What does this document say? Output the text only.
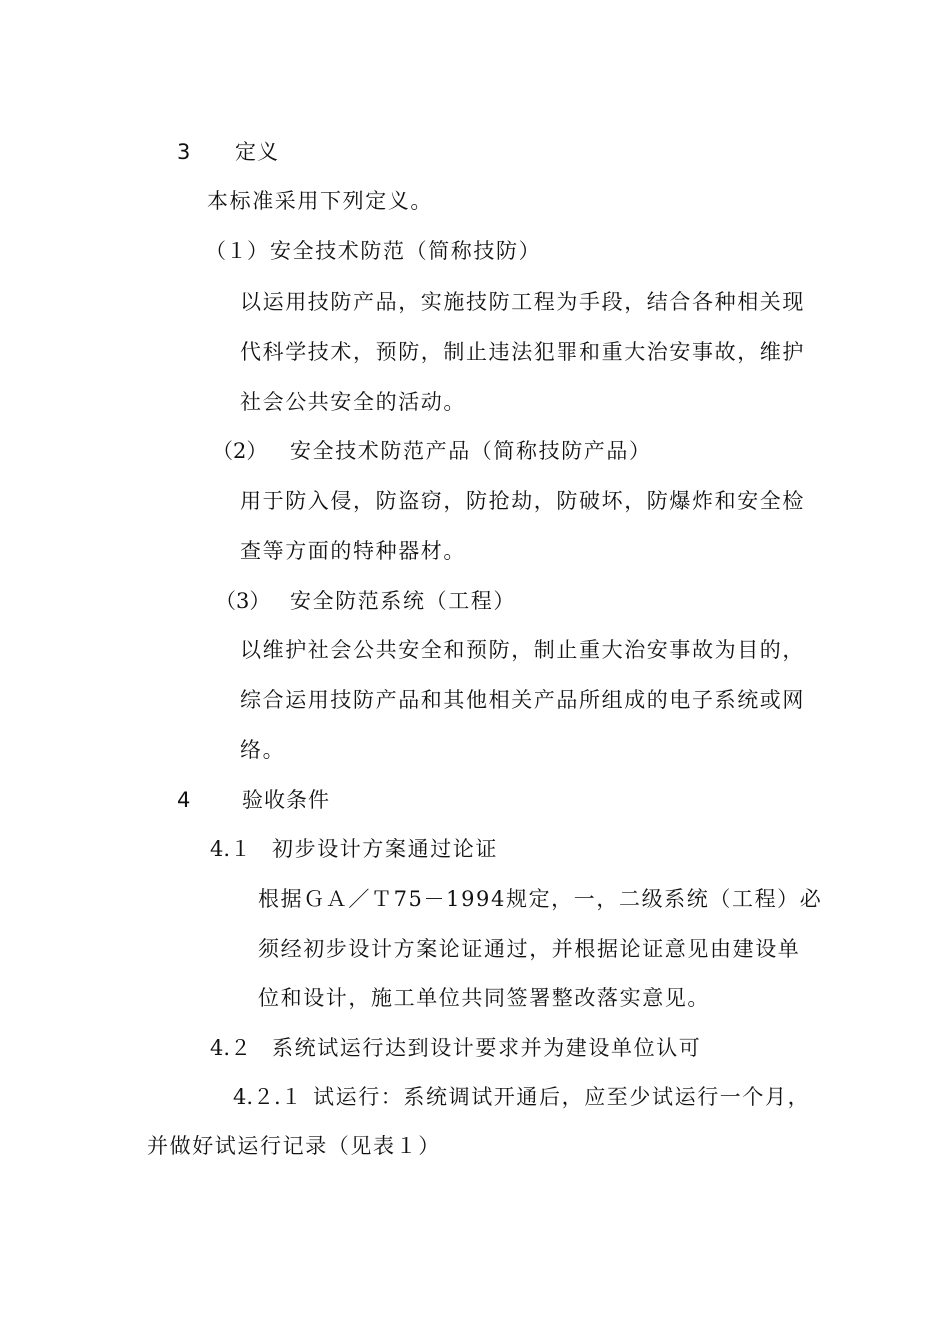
3 定义
本标准采用下列定义。
（１） 安全技术防范（简称技防）
以运用技防产品，实施技防工程为手段，结合各种相关现
代科学技术，预防，制止违法犯罪和重大治安事故，维护
社会公共安全的活动。
（2） 安全技术防范产品（简称技防产品）
用于防入侵，防盗窃，防抢劫，防破坏，防爆炸和安全检
查等方面的特种器材。
（3） 安全防范系统（工程）
以维护社会公共安全和预防，制止重大治安事故为目的，
综合运用技防产品和其他相关产品所组成的电子系统或网
络。
4 验收条件
4.１ 初步设计方案通过论证
根据ＧＡ／Ｔ75－1994规定，一，二级系统（工程）必
须经初步设计方案论证通过，并根据论证意见由建设单
位和设计，施工单位共同签署整改落实意见。
4.２ 系统试运行达到设计要求并为建设单位认可
4.２.１ 试运行：系统调试开通后，应至少试运行一个月，
并做好试运行记录（见表１）
